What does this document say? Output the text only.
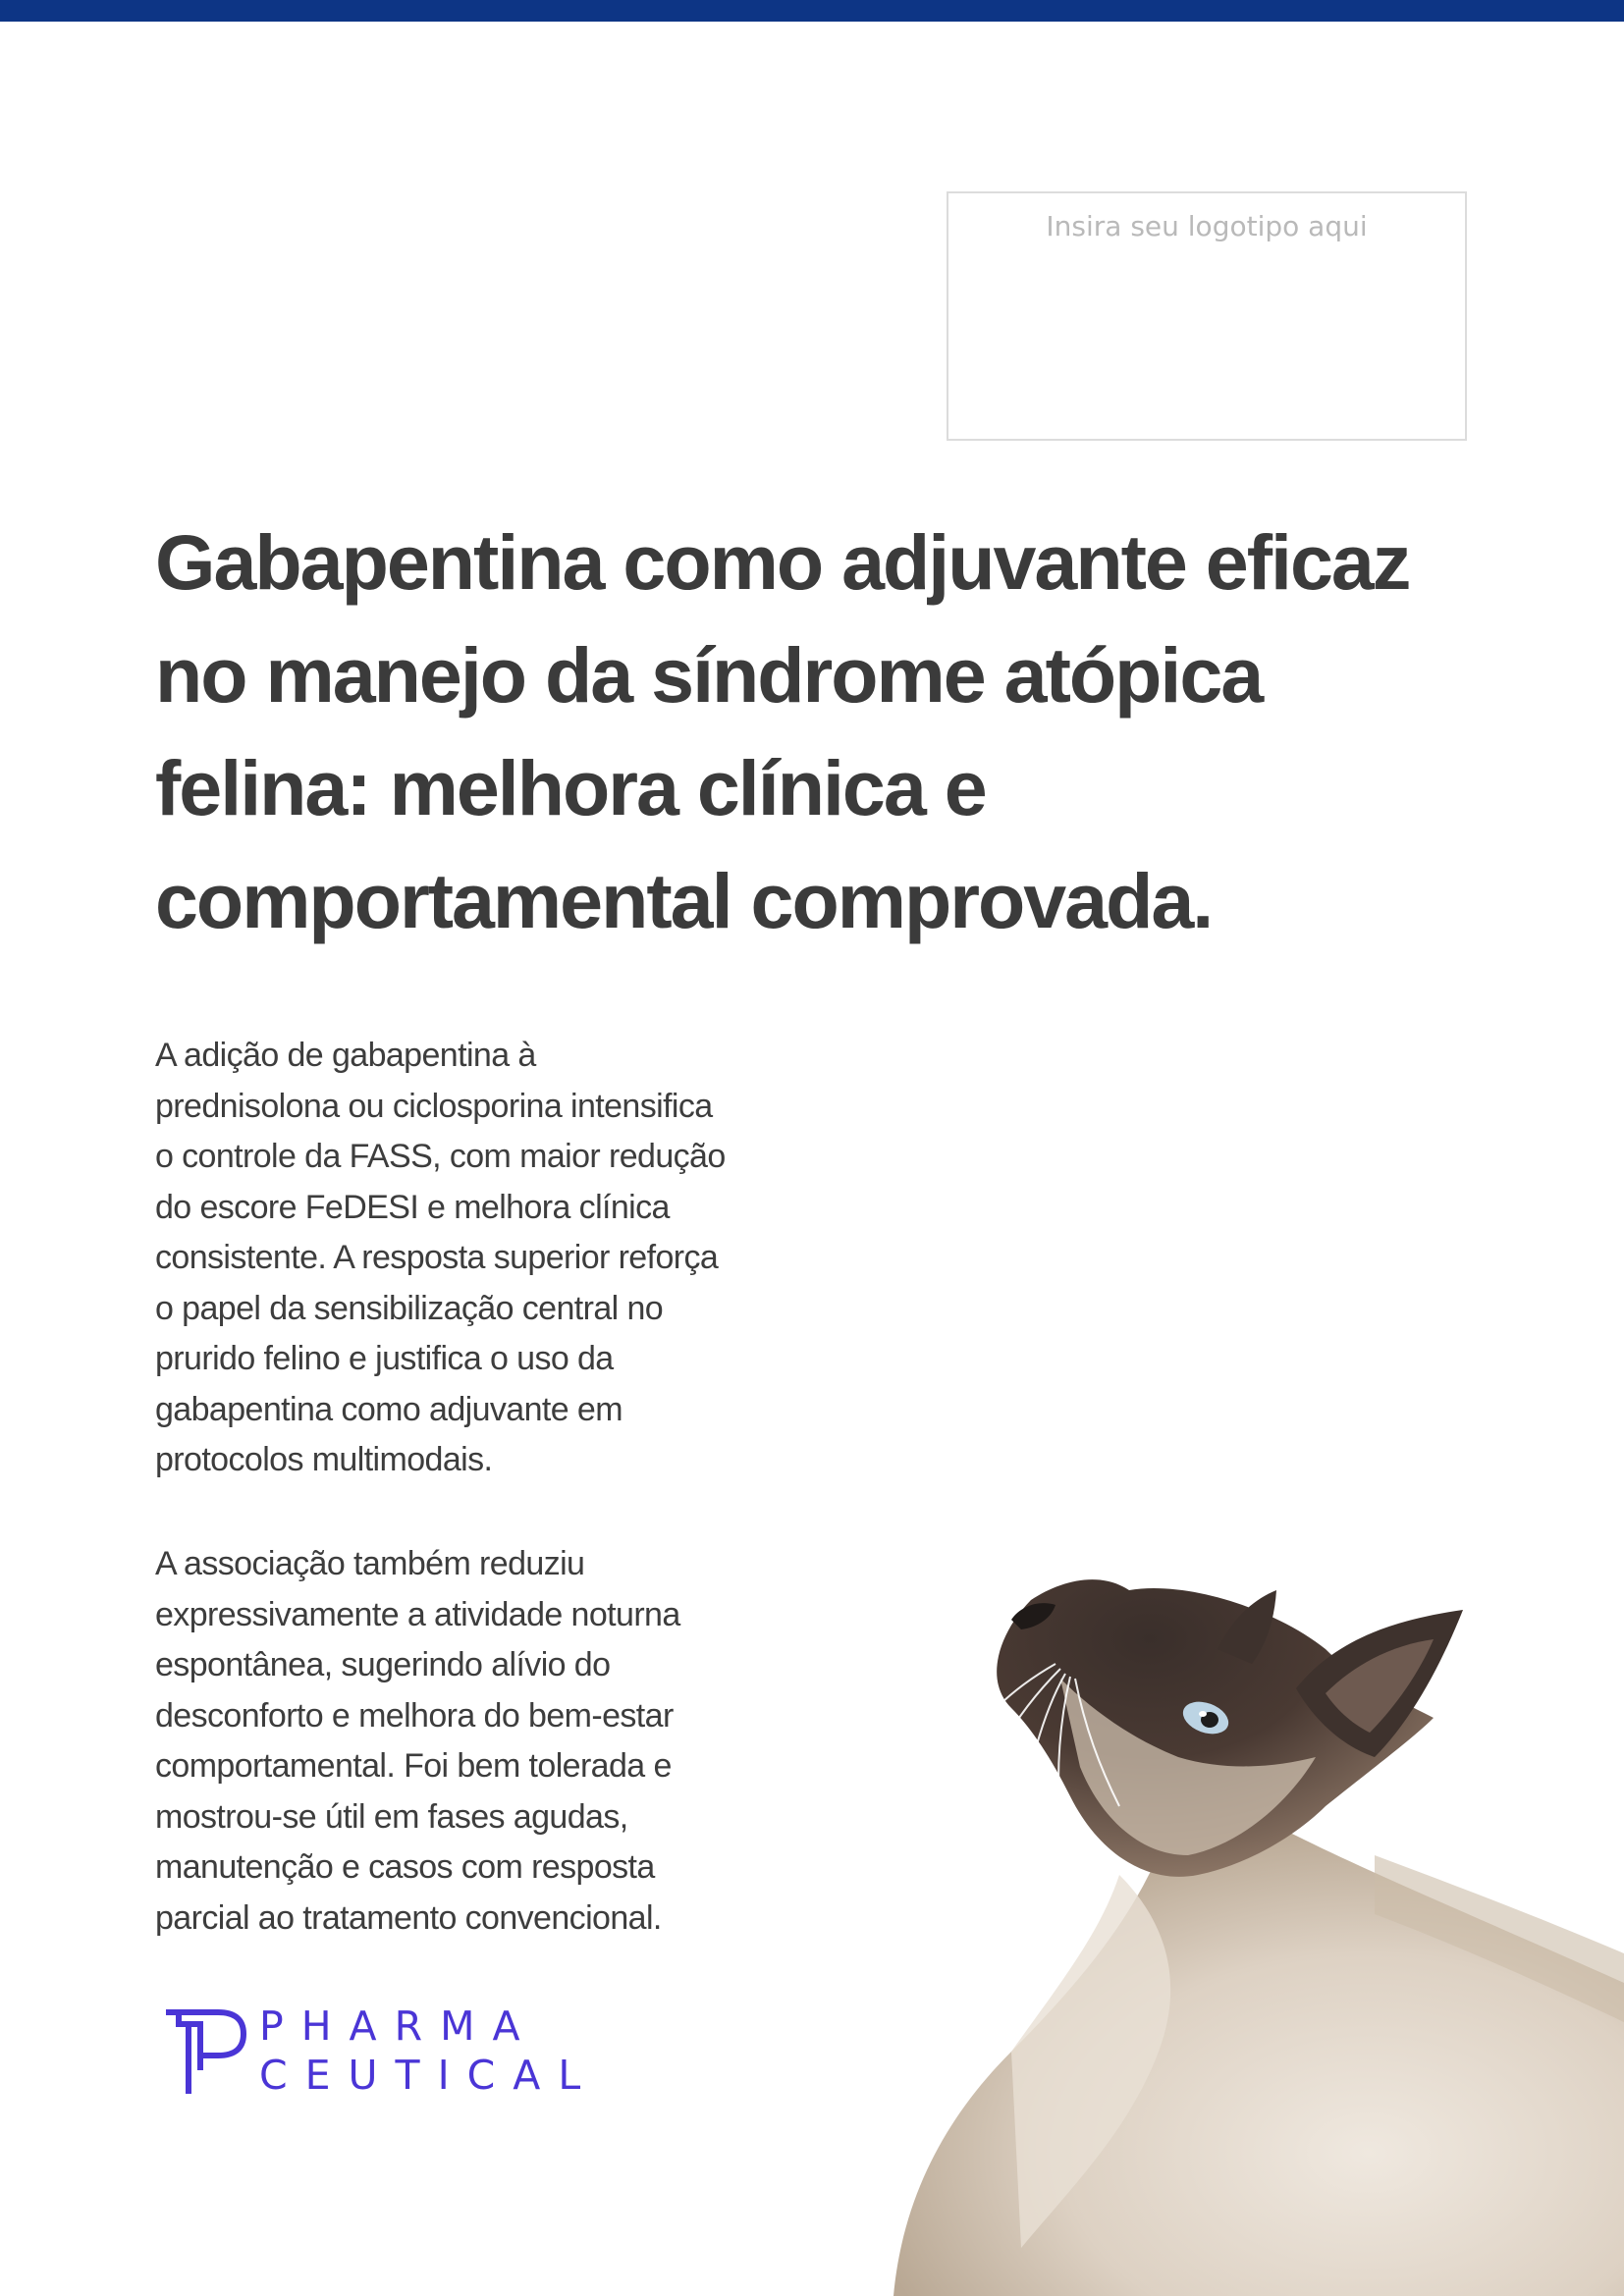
Insira seu logotipo aqui
Gabapentina como adjuvante eficaz
no manejo da síndrome atópica
felina: melhora clínica e
comportamental comprovada.

A adição de gabapentina à
prednisolona ou ciclosporina intensifica
o controle da FASS, com maior redução
do escore FeDESI e melhora clínica
consistente. A resposta superior reforça
o papel da sensibilização central no
prurido felino e justifica o uso da
gabapentina como adjuvante em
protocolos multimodais.

A associação também reduziu
expressivamente a atividade noturna
espontânea, sugerindo alívio do
desconforto e melhora do bem-estar
comportamental. Foi bem tolerada e
mostrou-se útil em fases agudas,
manutenção e casos com resposta
parcial ao tratamento convencional.

PHARMA
CEUTICAL
